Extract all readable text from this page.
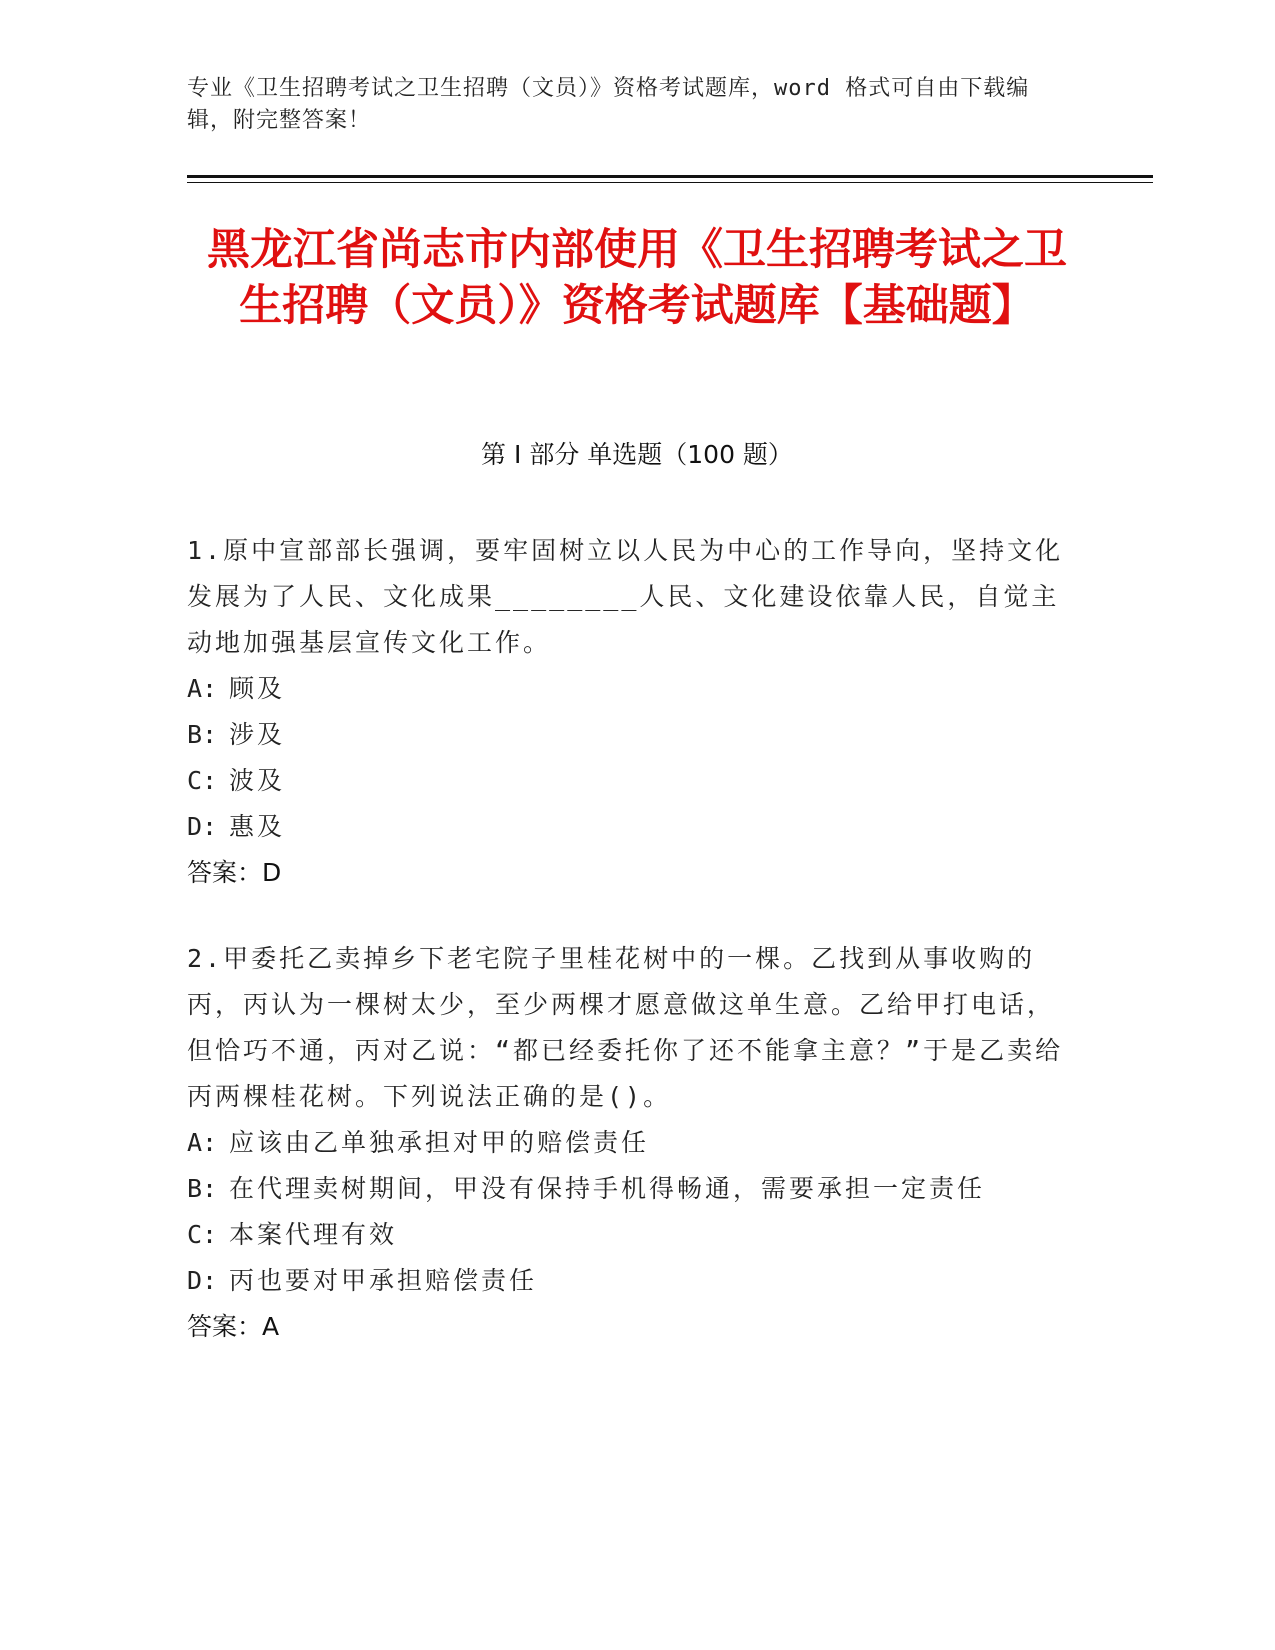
专业《卫生招聘考试之卫生招聘（文员）》资格考试题库，word 格式可自由下载编辑，附完整答案！
黑龙江省尚志市内部使用《卫生招聘考试之卫生招聘（文员）》资格考试题库【基础题】
第 I 部分 单选题（100 题）
1.原中宣部部长强调，要牢固树立以人民为中心的工作导向，坚持文化发展为了人民、文化成果________人民、文化建设依靠人民，自觉主动地加强基层宣传文化工作。
A: 顾及
B: 涉及
C: 波及
D: 惠及
答案：D
2.甲委托乙卖掉乡下老宅院子里桂花树中的一棵。乙找到从事收购的丙，丙认为一棵树太少，至少两棵才愿意做这单生意。乙给甲打电话，但恰巧不通，丙对乙说：“都已经委托你了还不能拿主意？”于是乙卖给丙两棵桂花树。下列说法正确的是()。
A: 应该由乙单独承担对甲的赔偿责任
B: 在代理卖树期间，甲没有保持手机得畅通，需要承担一定责任
C: 本案代理有效
D: 丙也要对甲承担赔偿责任
答案：A
